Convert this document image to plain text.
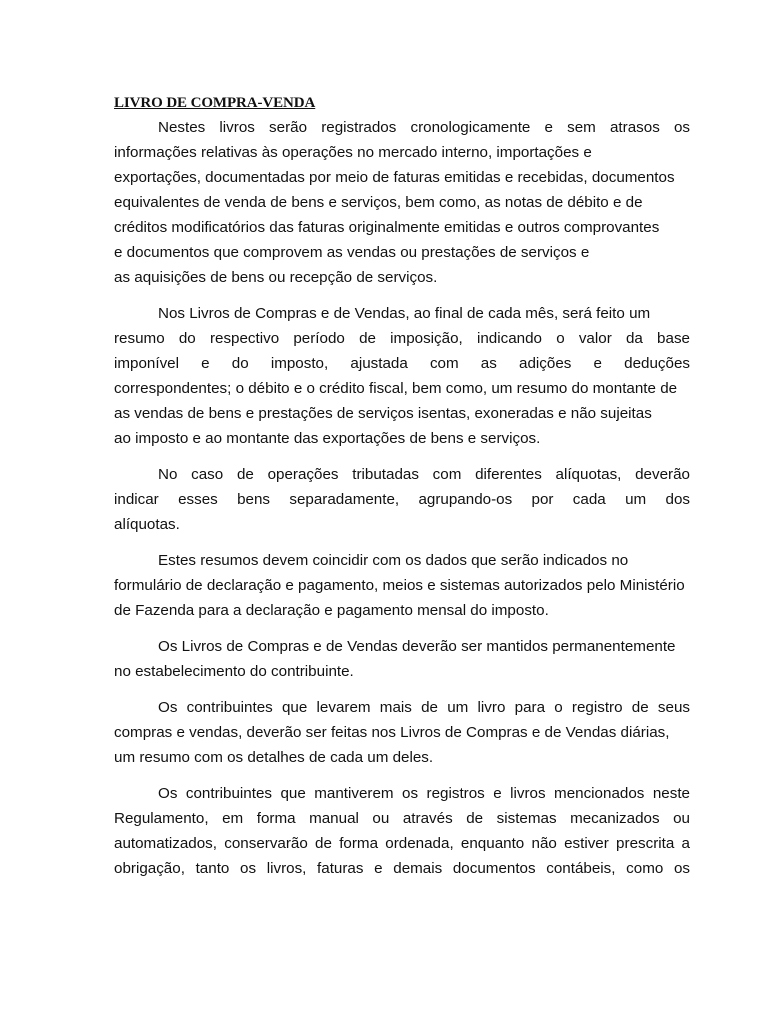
LIVRO DE COMPRA-VENDA

Nestes livros serão registrados cronologicamente e sem atrasos os
informações relativas às operações no mercado interno, importações e
exportações, documentadas por meio de faturas emitidas e recebidas, documentos
equivalentes de venda de bens e serviços, bem como, as notas de débito e de
créditos modificatórios das faturas originalmente emitidas e outros comprovantes
e documentos que comprovem as vendas ou prestações de serviços e
as aquisições de bens ou recepção de serviços.

Nos Livros de Compras e de Vendas, ao final de cada mês, será feito um
resumo do respectivo período de imposição, indicando o valor da base
imponível e do imposto, ajustada com as adições e deduções
correspondentes; o débito e o crédito fiscal, bem como, um resumo do montante de
as vendas de bens e prestações de serviços isentas, exoneradas e não sujeitas
ao imposto e ao montante das exportações de bens e serviços.

No caso de operações tributadas com diferentes alíquotas, deverão
indicar esses bens separadamente, agrupando-os por cada um dos
alíquotas.

Estes resumos devem coincidir com os dados que serão indicados no
formulário de declaração e pagamento, meios e sistemas autorizados pelo Ministério
de Fazenda para a declaração e pagamento mensal do imposto.

Os Livros de Compras e de Vendas deverão ser mantidos permanentemente
no estabelecimento do contribuinte.

Os contribuintes que levarem mais de um livro para o registro de seus
compras e vendas, deverão ser feitas nos Livros de Compras e de Vendas diárias,
um resumo com os detalhes de cada um deles.

Os contribuintes que mantiverem os registros e livros mencionados neste
Regulamento, em forma manual ou através de sistemas mecanizados ou
automatizados, conservarão de forma ordenada, enquanto não estiver prescrita a
obrigação, tanto os livros, faturas e demais documentos contábeis, como os
